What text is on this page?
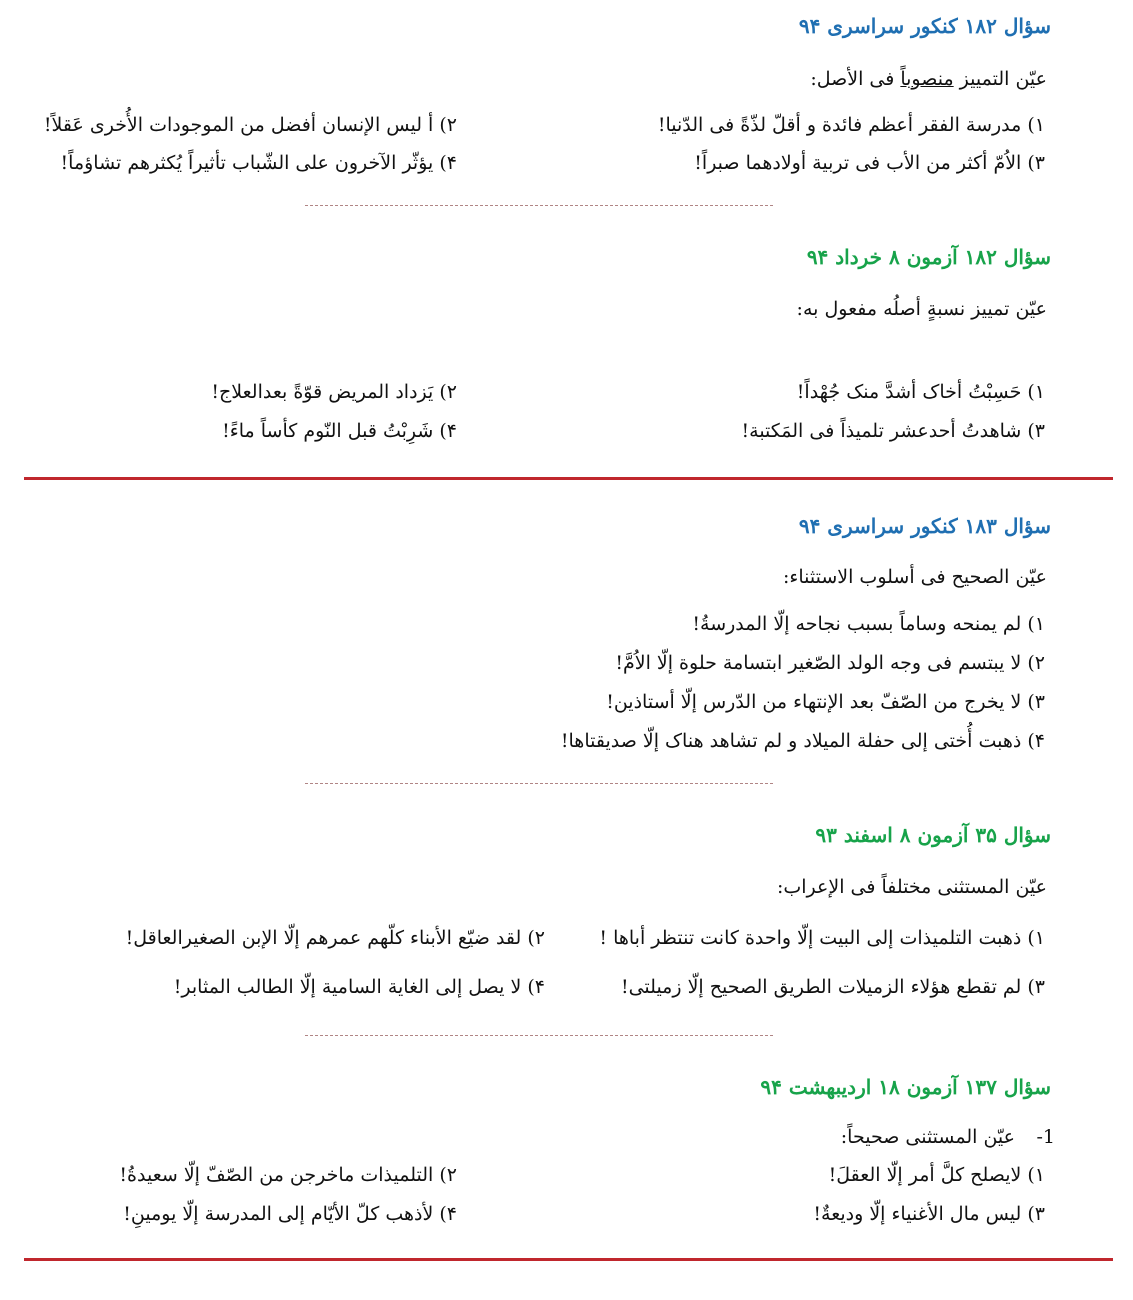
سؤال ۱۸۲ کنکور سراسری ۹۴
عیّن التمییز منصوباً فی الأصل:
۱) مدرسة الفقر أعظم فائدة و أقلّ لذّةً فی الدّنیا!
۲) أ لیس الإنسان أفضل من الموجودات الأُخری عَقلاً!
۳) الاُمّ أکثر من الأب فی تربیة أولادهما صبراً!
۴) یؤثّر الآخرون علی الشّباب تأثیراً یُکثرهم تشاؤماً!
سؤال ۱۸۲ آزمون ۸ خرداد ۹۴
عیّن تمییز نسبةٍ أصلُه مفعول به:
۱) حَسِبْتُ أخاک أشدَّ منک جُهْداً!
۲) یَزداد المریض قوّةً بعدالعلاج!
۳) شاهدتُ أحدعشر تلمیذاً فی المَکتبة!
۴) شَرِبْتُ قبل النّوم کأساً ماءً!
سؤال ۱۸۳ کنکور سراسری ۹۴
عیّن الصحیح فی أسلوب الاستثناء:
۱) لم یمنحه وساماً بسبب نجاحه إلّا المدرسةُ!
۲) لا یبتسم فی وجه الولد الصّغیر ابتسامة حلوة إلّا الاُمَّ!
۳) لا یخرج من الصّفّ بعد الإنتهاء من الدّرس إلّا أستاذین!
۴) ذهبت أُختی إلی حفلة المیلاد و لم تشاهد هناک إلّا صدیقتاها!
سؤال ۳۵ آزمون ۸ اسفند ۹۳
عیّن المستثنی مختلفاً فی الإعراب:
۱) ذهبت التلمیذات إلی البیت إلّا واحدة کانت تنتظر أباها !
۲) لقد ضیّع الأبناء کلّهم عمرهم إلّا الإبن الصغیرالعاقل!
۳) لم تقطع هؤلاء الزمیلات الطریق الصحیح إلّا زمیلتی!
۴) لا یصل إلی الغایة السامیة إلّا الطالب المثابر!
سؤال ۱۳۷ آزمون ۱۸ اردیبهشت ۹۴
1-
عیّن المستثنی صحیحاً:
۱) لایصلح کلَّ أمر إلّا العقلَ!
۲) التلمیذات ماخرجن من الصّفّ إلّا سعیدةُ!
۳) لیس مال الأغنیاء إلّا ودیعةٌ!
۴) لأذهب کلّ الأیّام إلی المدرسة إلّا یومینِ!
